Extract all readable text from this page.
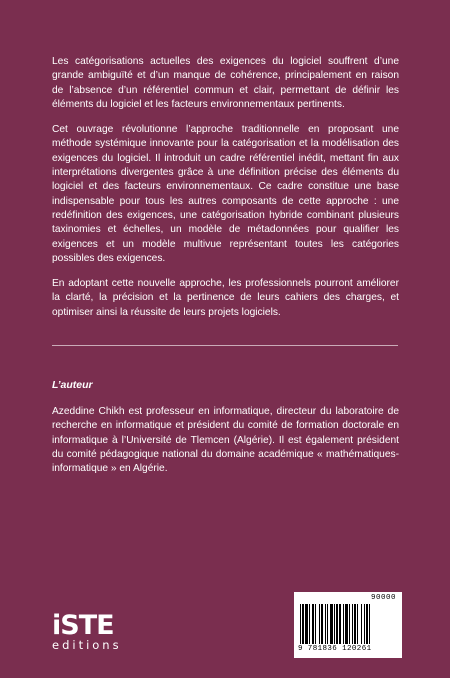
Les catégorisations actuelles des exigences du logiciel souffrent d’une grande ambiguïté et d’un manque de cohérence, principalement en raison de l’absence d’un référentiel commun et clair, permettant de définir les éléments du logiciel et les facteurs environnementaux pertinents.

Cet ouvrage révolutionne l’approche traditionnelle en proposant une méthode systémique innovante pour la catégorisation et la modélisation des exigences du logiciel. Il introduit un cadre référentiel inédit, mettant fin aux interprétations divergentes grâce à une définition précise des éléments du logiciel et des facteurs environnementaux. Ce cadre constitue une base indispensable pour tous les autres composants de cette approche : une redéfinition des exigences, une catégorisation hybride combinant plusieurs taxinomies et échelles, un modèle de métadonnées pour qualifier les exigences et un modèle multivue représentant toutes les catégories possibles des exigences.

En adoptant cette nouvelle approche, les professionnels pourront améliorer la clarté, la précision et la pertinence de leurs cahiers des charges, et optimiser ainsi la réussite de leurs projets logiciels.

L’auteur

Azeddine Chikh est professeur en informatique, directeur du laboratoire de recherche en informatique et président du comité de formation doctorale en informatique à l’Université de Tlemcen (Algérie). Il est également président du comité pédagogique national du domaine académique « mathématiques-informatique » en Algérie.

iSTE
editions
90000
9 781836 120261
